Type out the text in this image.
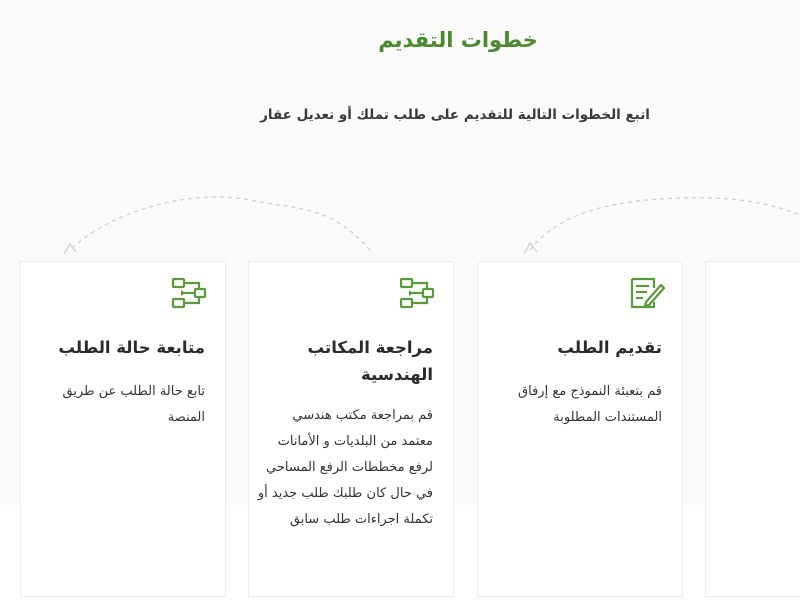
خطوات التقديم
اتبع الخطوات التالية للتقديم على طلب تملك أو تعديل عقار
متابعة حالة الطلب
تابع حالة الطلب عن طريق المنصة
مراجعة المكاتب الهندسية
قم بمراجعة مكتب هندسي معتمد من البلديات و الأمانات لرفع مخططات الرفع المساحي في حال كان طلبك طلب جديد أو تكملة اجراءات طلب سابق
تقديم الطلب
قم بتعبئة النموذج مع إرفاق المستندات المطلوبة
